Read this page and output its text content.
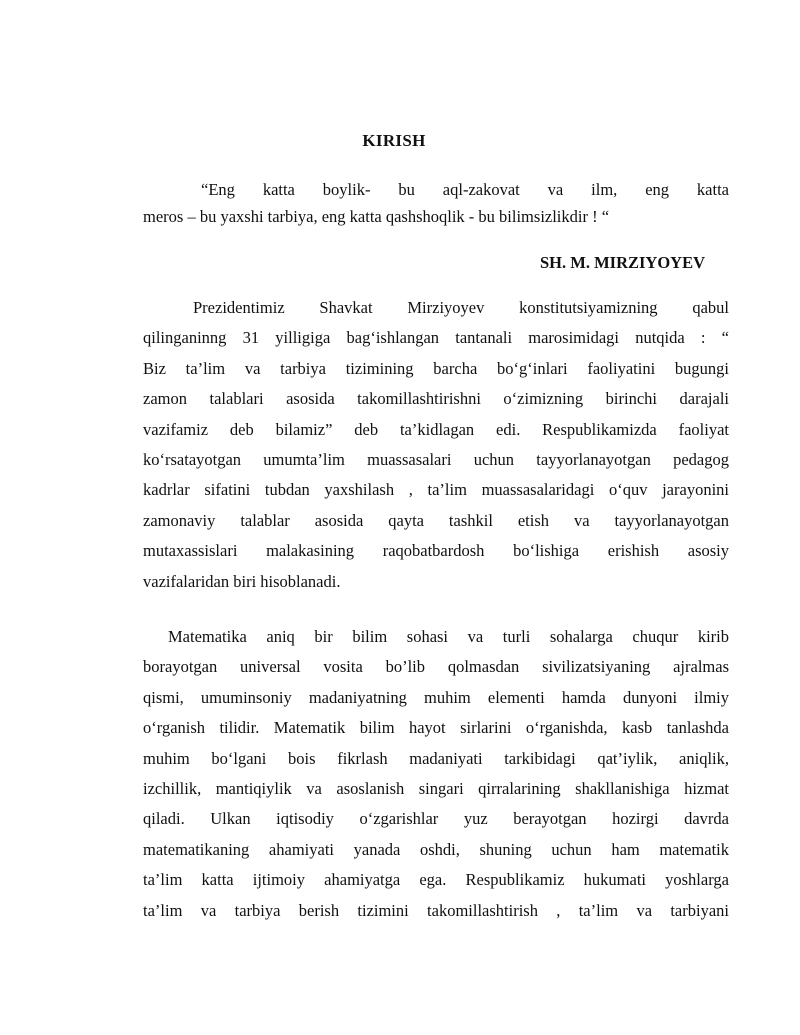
KIRISH
“Eng katta boylik- bu aql-zakovat va ilm, eng katta
meros – bu yaxshi tarbiya, eng katta qashshoqlik - bu bilimsizlikdir ! “
SH. M. MIRZIYOYEV
Prezidentimiz Shavkat Mirziyoyev konstitutsiyamizning qabul
qilinganinng 31 yilligiga bag‘ishlangan tantanali marosimidagi nutqida : “
Biz ta’lim va tarbiya tizimining barcha bo‘g‘inlari faoliyatini bugungi
zamon talablari asosida takomillashtirishni o‘zimizning birinchi darajali
vazifamiz deb bilamiz” deb ta’kidlagan edi. Respublikamizda faoliyat
ko‘rsatayotgan umumta’lim muassasalari uchun tayyorlanayotgan pedagog
kadrlar sifatini tubdan yaxshilash , ta’lim muassasalaridagi o‘quv jarayonini
zamonaviy talablar asosida qayta tashkil etish va tayyorlanayotgan
mutaxassislari malakasining raqobatbardosh bo‘lishiga erishish asosiy
vazifalaridan biri hisoblanadi.
Matematika aniq bir bilim sohasi va turli sohalarga chuqur kirib
borayotgan universal vosita bo’lib qolmasdan sivilizatsiyaning ajralmas
qismi, umuminsoniy madaniyatning muhim elementi hamda dunyoni ilmiy
o‘rganish tilidir. Matematik bilim hayot sirlarini o‘rganishda, kasb tanlashda
muhim bo‘lgani bois fikrlash madaniyati tarkibidagi qat’iylik, aniqlik,
izchillik, mantiqiylik va asoslanish singari qirralarining shakllanishiga hizmat
qiladi. Ulkan iqtisodiy o‘zgarishlar yuz berayotgan hozirgi davrda
matematikaning ahamiyati yanada oshdi, shuning uchun ham matematik
ta’lim katta ijtimoiy ahamiyatga ega. Respublikamiz hukumati yoshlarga
ta’lim va tarbiya berish tizimini takomillashtirish , ta’lim va tarbiyani
